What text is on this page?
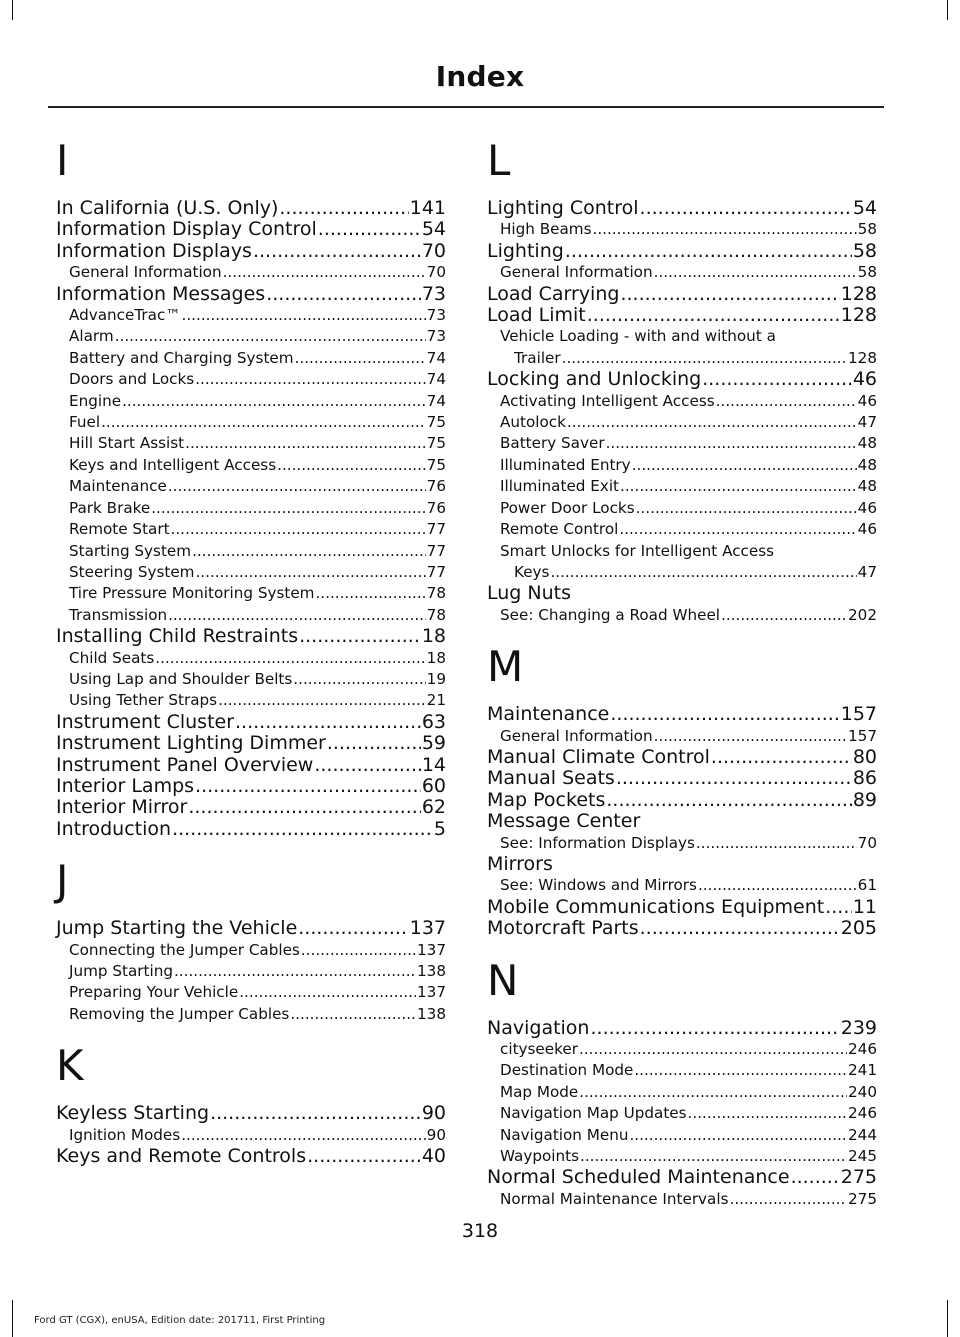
Index
I
In California (U.S. Only) .....	141
Information Display Control .....	54
Information Displays .....	70
General Information .....	70
Information Messages .....	73
AdvanceTrac™ .....	73
Alarm .....	73
Battery and Charging System .....	74
Doors and Locks .....	74
Engine .....	74
Fuel .....	75
Hill Start Assist .....	75
Keys and Intelligent Access .....	75
Maintenance .....	76
Park Brake .....	76
Remote Start .....	77
Starting System .....	77
Steering System .....	77
Tire Pressure Monitoring System .....	78
Transmission .....	78
Installing Child Restraints .....	18
Child Seats .....	18
Using Lap and Shoulder Belts .....	19
Using Tether Straps .....	21
Instrument Cluster .....	63
Instrument Lighting Dimmer .....	59
Instrument Panel Overview .....	14
Interior Lamps .....	60
Interior Mirror .....	62
Introduction .....	5
J
Jump Starting the Vehicle .....	137
Connecting the Jumper Cables .....	137
Jump Starting .....	138
Preparing Your Vehicle .....	137
Removing the Jumper Cables .....	138
K
Keyless Starting .....	90
Ignition Modes .....	90
Keys and Remote Controls .....	40
L
Lighting Control .....	54
High Beams .....	58
Lighting .....	58
General Information .....	58
Load Carrying .....	128
Load Limit .....	128
Vehicle Loading - with and without a
Trailer .....	128
Locking and Unlocking .....	46
Activating Intelligent Access .....	46
Autolock .....	47
Battery Saver .....	48
Illuminated Entry .....	48
Illuminated Exit .....	48
Power Door Locks .....	46
Remote Control .....	46
Smart Unlocks for Intelligent Access
Keys .....	47
Lug Nuts
See: Changing a Road Wheel .....	202
M
Maintenance .....	157
General Information .....	157
Manual Climate Control .....	80
Manual Seats .....	86
Map Pockets .....	89
Message Center
See: Information Displays .....	70
Mirrors
See: Windows and Mirrors .....	61
Mobile Communications Equipment ..... 11
Motorcraft Parts .....	205
N
Navigation .....	239
cityseeker .....	246
Destination Mode .....	241
Map Mode .....	240
Navigation Map Updates .....	246
Navigation Menu .....	244
Waypoints .....	245
Normal Scheduled Maintenance .....	275
Normal Maintenance Intervals .....	275
318
Ford GT (CGX), enUSA, Edition date: 201711, First Printing
